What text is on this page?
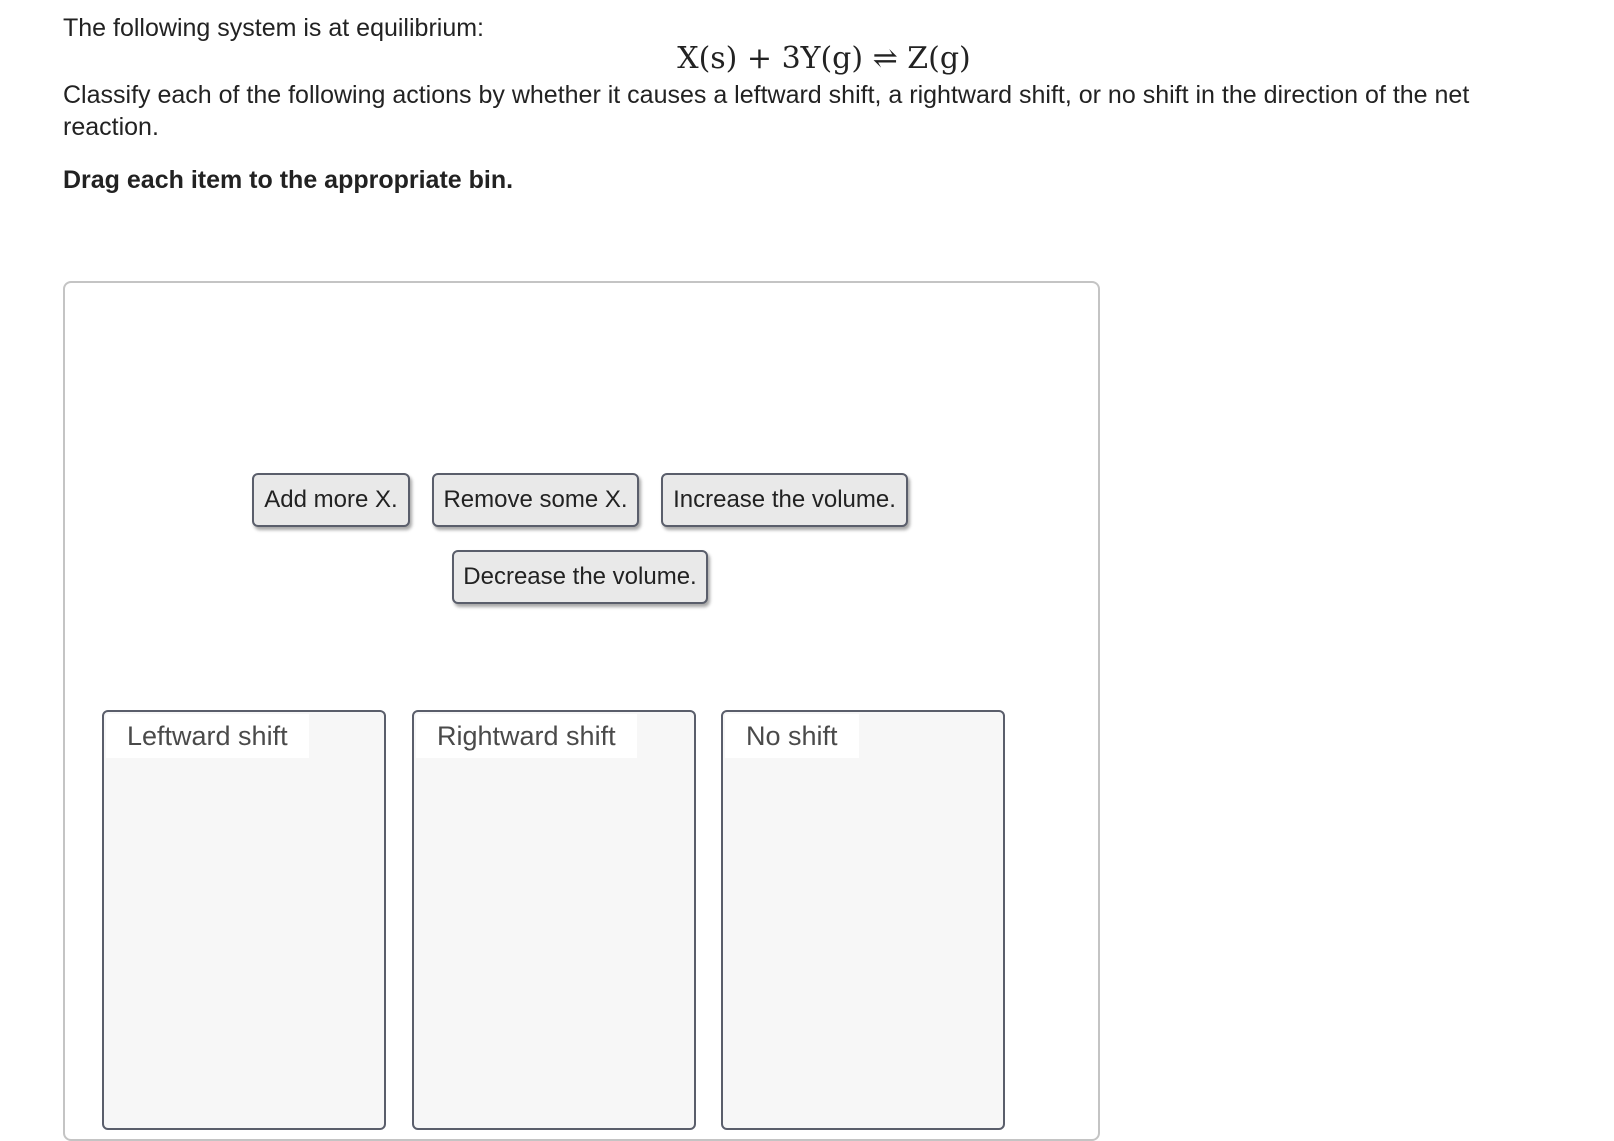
The following system is at equilibrium:

X(s) + 3Y(g) ⇌ Z(g)

Classify each of the following actions by whether it causes a leftward shift, a rightward shift, or no shift in the direction of the net reaction.

Drag each item to the appropriate bin.

Add more X.	Remove some X.	Increase the volume.
Decrease the volume.
Leftward shift	Rightward shift	No shift
